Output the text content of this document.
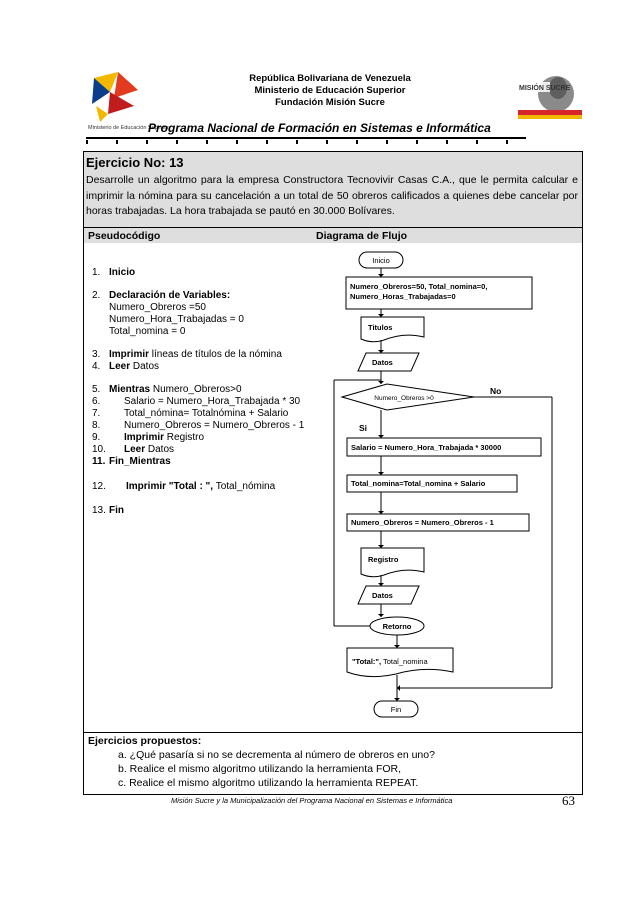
Ministerio de Educación Superior
República Bolivariana de Venezuela
Ministerio de Educación Superior
Fundación Misión Sucre
MISIÓN SUCRE
Programa Nacional de Formación en Sistemas e Informática
Ejercicio No: 13
Desarrolle un algoritmo para la empresa Constructora Tecnovivir Casas C.A., que le permita calcular e imprimir la nómina para su cancelación a un total de 50 obreros calificados a quienes debe cancelar por horas trabajadas. La hora trabajada se pautó en 30.000 Bolívares.
Pseudocódigo	Diagrama de Flujo
1. Inicio
2. Declaración de Variables:
Numero_Obreros =50
Numero_Hora_Trabajadas = 0
Total_nomina = 0
3. Imprimir líneas de títulos de la nómina
4. Leer Datos
5. Mientras Numero_Obreros>0
6. Salario = Numero_Hora_Trabajada * 30
7. Total_nómina= Totalnómina + Salario
8. Numero_Obreros = Numero_Obreros - 1
9. Imprimir Registro
10. Leer Datos
11. Fin_Mientras
12. Imprimir "Total : ", Total_nómina
13. Fin
Inicio
Numero_Obreros=50, Total_nomina=0,
Numero_Horas_Trabajadas=0
Titulos
Datos
Numero_Obreros >0
No
Si
Salario = Numero_Hora_Trabajada * 30000
Total_nomina=Total_nomina + Salario
Numero_Obreros = Numero_Obreros - 1
Registro
Datos
Retorno
"Total:", Total_nomina
Fin
Ejercicios propuestos:
a. ¿Qué pasaría si no se decrementa al número de obreros en uno?
b. Realice el mismo algoritmo utilizando la herramienta FOR,
c. Realice el mismo algoritmo utilizando la herramienta REPEAT.
Misión Sucre y la Municipalización del Programa Nacional en Sistemas e Informática	63
